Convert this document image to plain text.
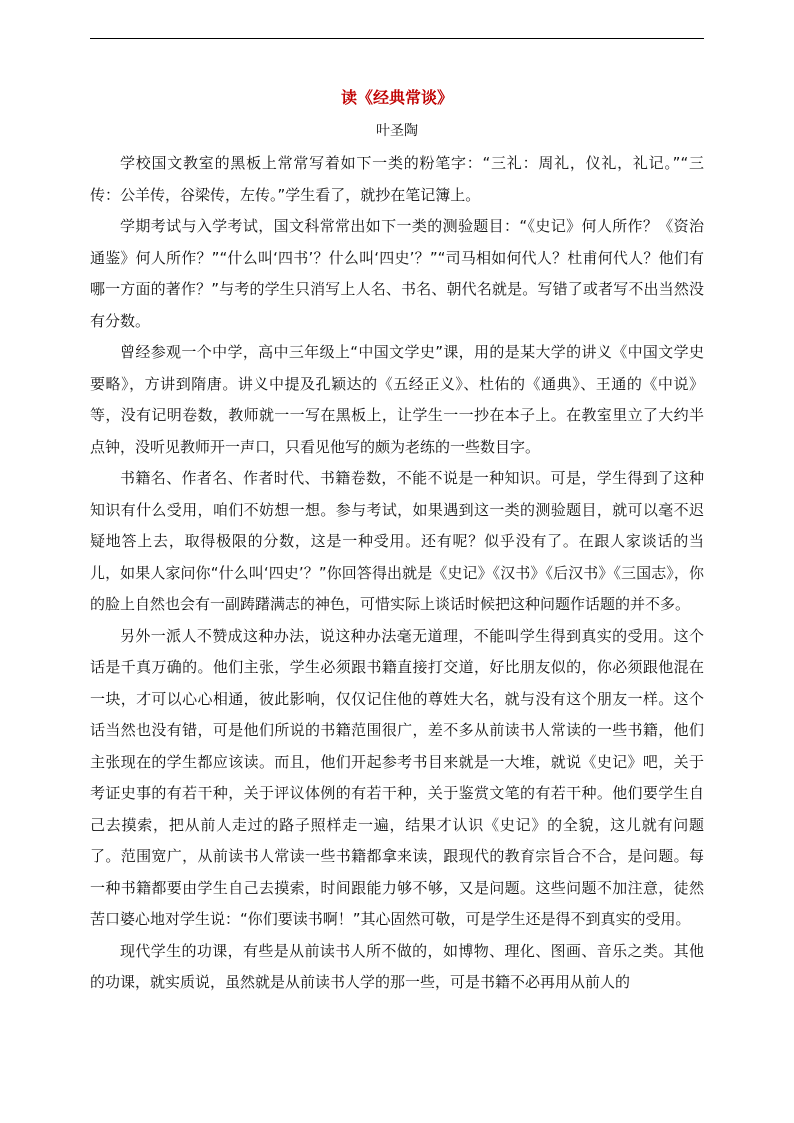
读《经典常谈》
叶圣陶

学校国文教室的黑板上常常写着如下一类的粉笔字：“三礼：周礼，仪礼，礼记。”“三传：公羊传，谷梁传，左传。”学生看了，就抄在笔记簿上。

学期考试与入学考试，国文科常常出如下一类的测验题目：“《史记》何人所作？《资治通鉴》何人所作？”“什么叫‘四书’？什么叫‘四史’？”“司马相如何代人？杜甫何代人？他们有哪一方面的著作？”与考的学生只消写上人名、书名、朝代名就是。写错了或者写不出当然没有分数。

曾经参观一个中学，高中三年级上“中国文学史”课，用的是某大学的讲义《中国文学史要略》，方讲到隋唐。讲义中提及孔颖达的《五经正义》、杜佑的《通典》、王通的《中说》等，没有记明卷数，教师就一一写在黑板上，让学生一一抄在本子上。在教室里立了大约半点钟，没听见教师开一声口，只看见他写的颇为老练的一些数目字。

书籍名、作者名、作者时代、书籍卷数，不能不说是一种知识。可是，学生得到了这种知识有什么受用，咱们不妨想一想。参与考试，如果遇到这一类的测验题目，就可以毫不迟疑地答上去，取得极限的分数，这是一种受用。还有呢？似乎没有了。在跟人家谈话的当儿，如果人家问你“什么叫‘四史’？”你回答得出就是《史记》《汉书》《后汉书》《三国志》，你的脸上自然也会有一副踌躇满志的神色，可惜实际上谈话时候把这种问题作话题的并不多。

另外一派人不赞成这种办法，说这种办法毫无道理，不能叫学生得到真实的受用。这个话是千真万确的。他们主张，学生必须跟书籍直接打交道，好比朋友似的，你必须跟他混在一块，才可以心心相通，彼此影响，仅仅记住他的尊姓大名，就与没有这个朋友一样。这个话当然也没有错，可是他们所说的书籍范围很广，差不多从前读书人常读的一些书籍，他们主张现在的学生都应该读。而且，他们开起参考书目来就是一大堆，就说《史记》吧，关于考证史事的有若干种，关于评议体例的有若干种，关于鉴赏文笔的有若干种。他们要学生自己去摸索，把从前人走过的路子照样走一遍，结果才认识《史记》的全貌，这儿就有问题了。范围宽广，从前读书人常读一些书籍都拿来读，跟现代的教育宗旨合不合，是问题。每一种书籍都要由学生自己去摸索，时间跟能力够不够，又是问题。这些问题不加注意，徒然苦口婆心地对学生说：“你们要读书啊！”其心固然可敬，可是学生还是得不到真实的受用。

现代学生的功课，有些是从前读书人所不做的，如博物、理化、图画、音乐之类。其他的功课，就实质说，虽然就是从前读书人学的那一些，可是书籍不必再用从前人的
